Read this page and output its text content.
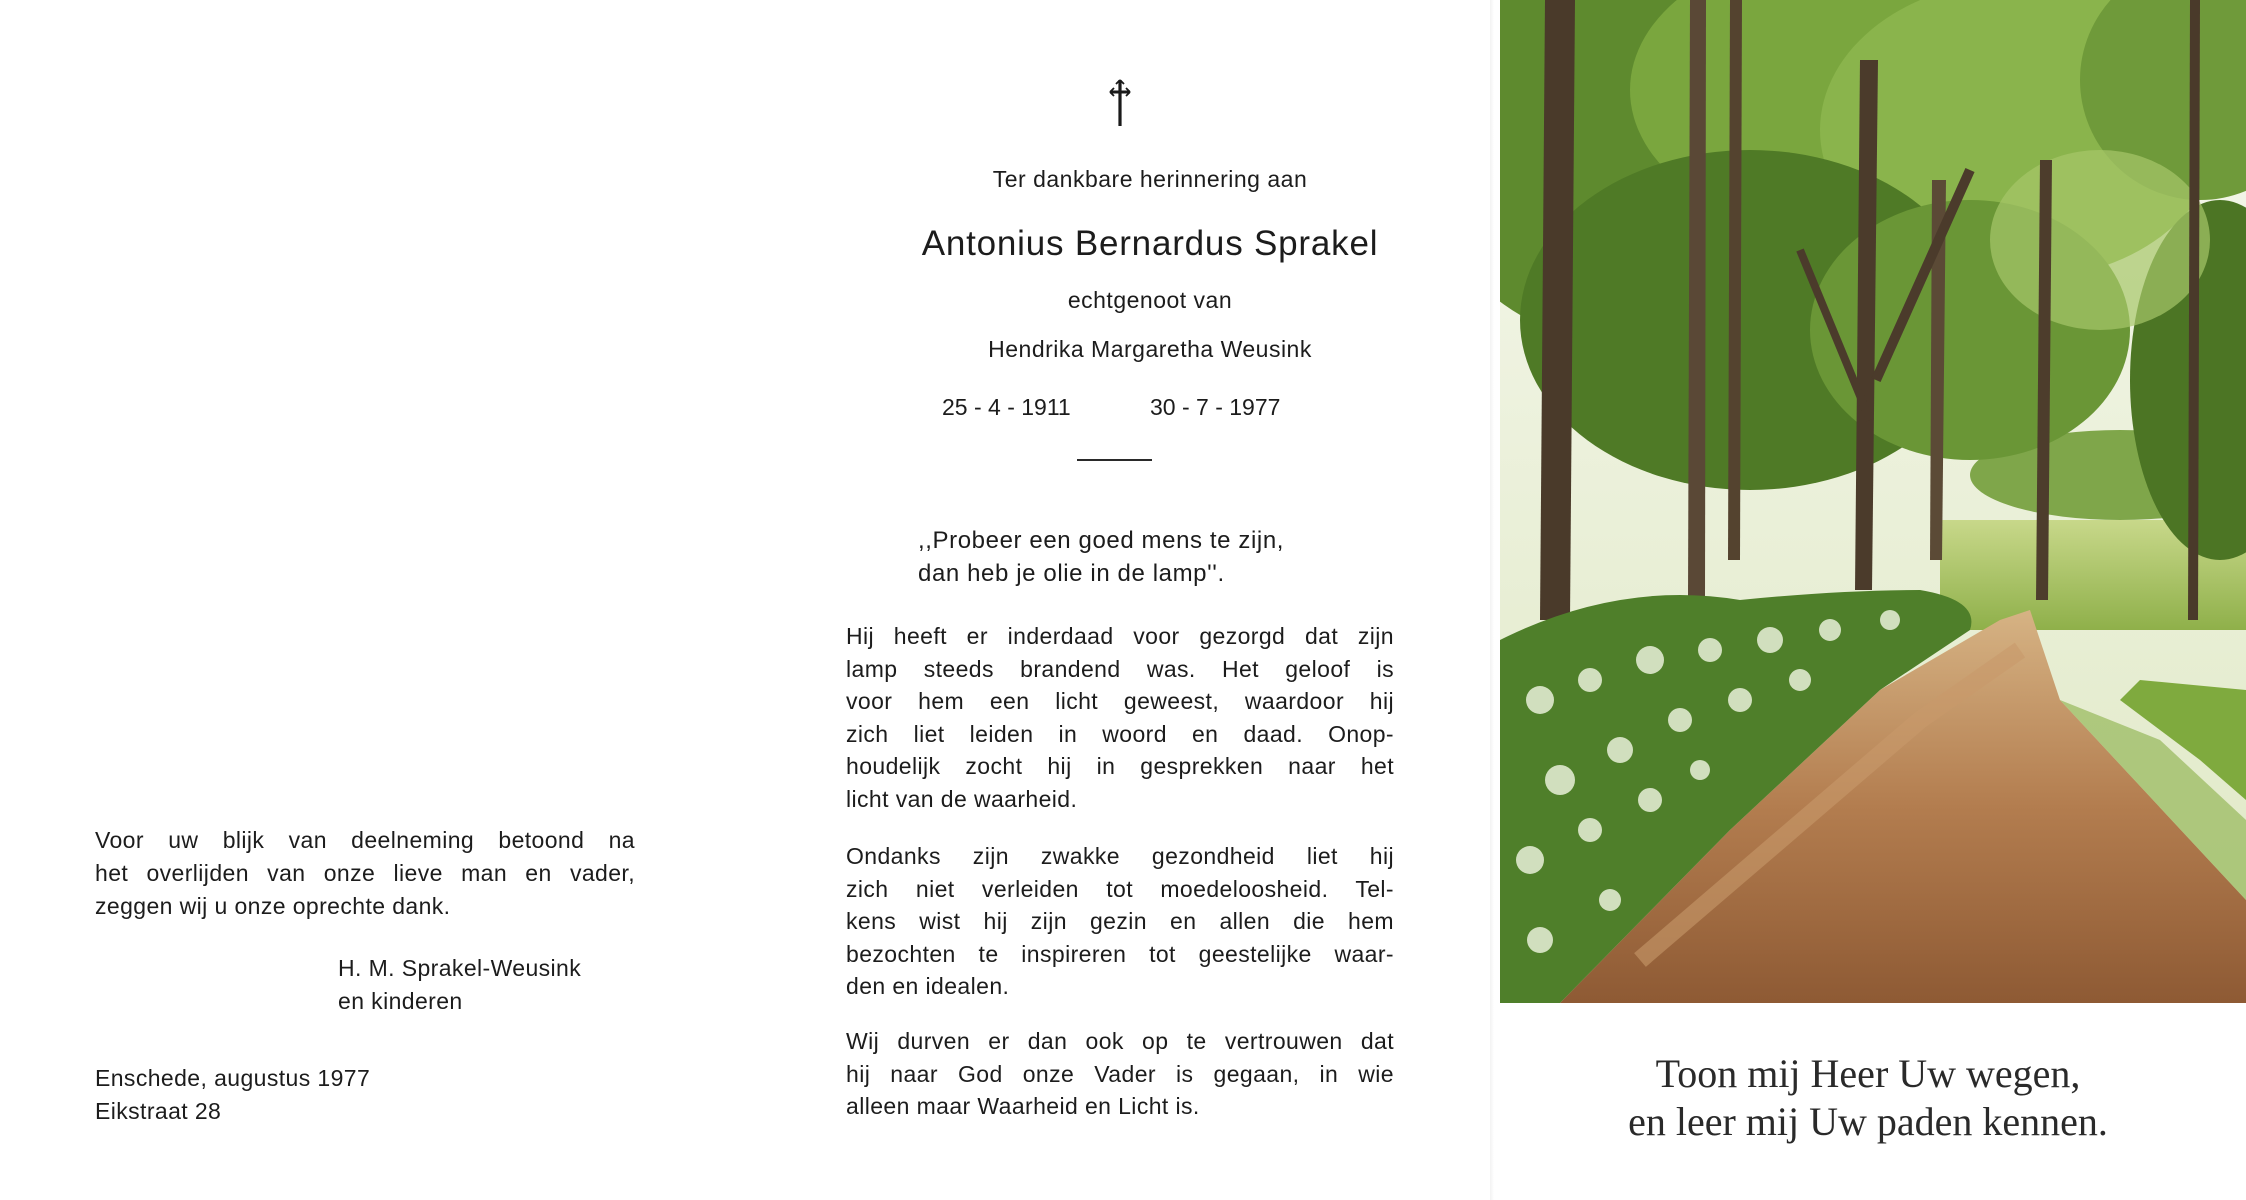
Voor uw blijk van deelneming betoond na
het overlijden van onze lieve man en vader,
zeggen wij u onze oprechte dank.
H. M. Sprakel-Weusink
en kinderen
Enschede, augustus 1977
Eikstraat 28
Ter dankbare herinnering aan
Antonius Bernardus Sprakel
echtgenoot van
Hendrika Margaretha Weusink
25 - 4 - 1911	30 - 7 - 1977
,,Probeer een goed mens te zijn,
dan heb je olie in de lamp''.
Hij heeft er inderdaad voor gezorgd dat zijn
lamp steeds brandend was. Het geloof is
voor hem een licht geweest, waardoor hij
zich liet leiden in woord en daad. Onop-
houdelijk zocht hij in gesprekken naar het
licht van de waarheid.
Ondanks zijn zwakke gezondheid liet hij
zich niet verleiden tot moedeloosheid. Tel-
kens wist hij zijn gezin en allen die hem
bezochten te inspireren tot geestelijke waar-
den en idealen.
Wij durven er dan ook op te vertrouwen dat
hij naar God onze Vader is gegaan, in wie
alleen maar Waarheid en Licht is.
Toon mij Heer Uw wegen,
en leer mij Uw paden kennen.
